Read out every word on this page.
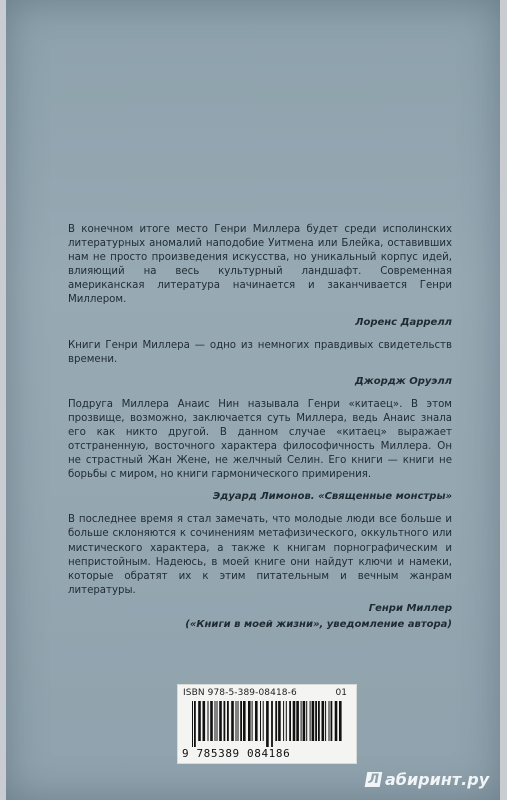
В конечном итоге место Генри Миллера будет среди исполинских литературных аномалий наподобие Уитмена или Блейка, оставивших нам не просто произведения искусства, но уникальный корпус идей, влияющий на весь культурный ландшафт. Современная американская литература начинается и заканчивается Генри Миллером.

Лоренс Даррелл

Книги Генри Миллера — одно из немногих правдивых свидетельств времени.

Джордж Оруэлл

Подруга Миллера Анаис Нин называла Генри «китаец». В этом прозвище, возможно, заключается суть Миллера, ведь Анаис знала его как никто другой. В данном случае «китаец» выражает отстраненную, восточного характера философичность Миллера. Он не страстный Жан Жене, не желчный Селин. Его книги — книги не борьбы с миром, но книги гармонического примирения.

Эдуард Лимонов. «Священные монстры»

В последнее время я стал замечать, что молодые люди все больше и больше склоняются к сочинениям метафизического, оккультного или мистического характера, а также к книгам порнографическим и непристойным. Надеюсь, в моей книге они найдут ключи и намеки, которые обратят их к этим питательным и вечным жанрам литературы.

Генри Миллер
(«Книги в моей жизни», уведомление автора)
ISBN 978-5-389-08418-6	01
9 785389 084186
Л абиринт.ру
